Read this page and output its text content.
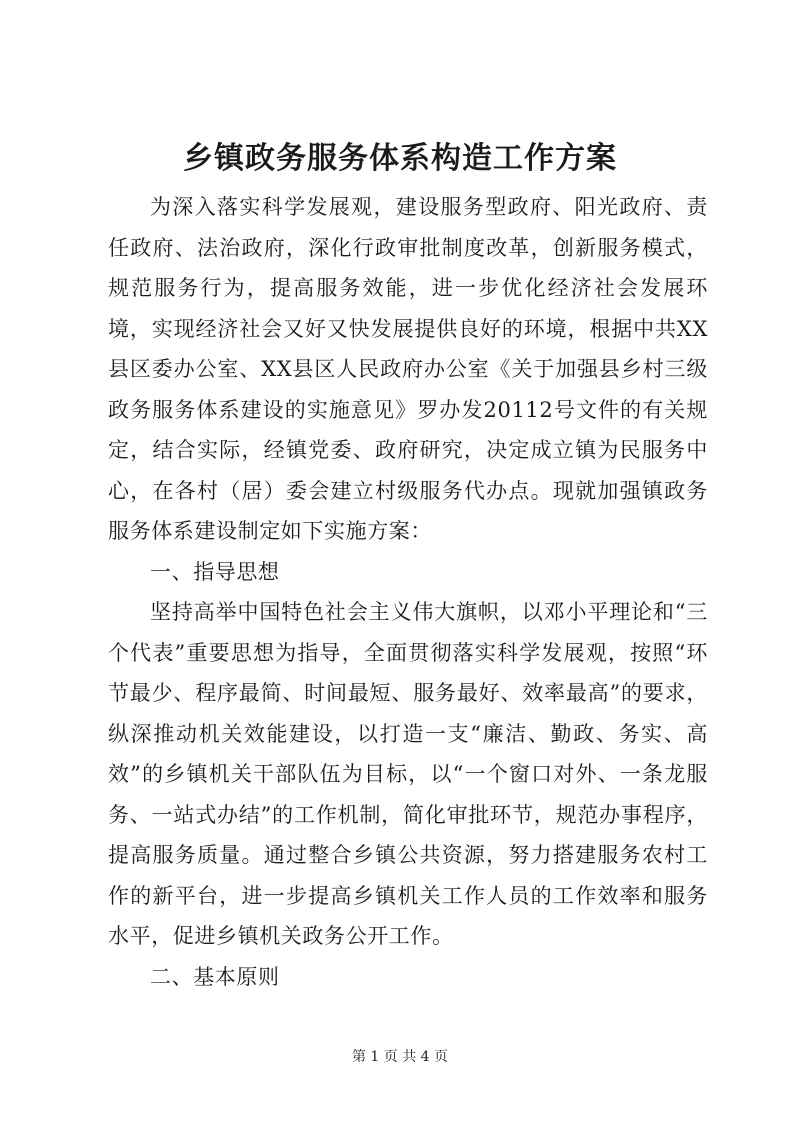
乡镇政务服务体系构造工作方案

为深入落实科学发展观，建设服务型政府、阳光政府、责任政府、法治政府，深化行政审批制度改革，创新服务模式，规范服务行为，提高服务效能，进一步优化经济社会发展环境，实现经济社会又好又快发展提供良好的环境，根据中共XX县区委办公室、XX县区人民政府办公室《关于加强县乡村三级政务服务体系建设的实施意见》罗办发20112号文件的有关规定，结合实际，经镇党委、政府研究，决定成立镇为民服务中心，在各村（居）委会建立村级服务代办点。现就加强镇政务服务体系建设制定如下实施方案：

一、指导思想

坚持高举中国特色社会主义伟大旗帜，以邓小平理论和“三个代表”重要思想为指导，全面贯彻落实科学发展观，按照“环节最少、程序最简、时间最短、服务最好、效率最高”的要求，纵深推动机关效能建设，以打造一支“廉洁、勤政、务实、高效”的乡镇机关干部队伍为目标，以“一个窗口对外、一条龙服务、一站式办结”的工作机制，简化审批环节，规范办事程序，提高服务质量。通过整合乡镇公共资源，努力搭建服务农村工作的新平台，进一步提高乡镇机关工作人员的工作效率和服务水平，促进乡镇机关政务公开工作。

二、基本原则

第 1 页 共 4 页
